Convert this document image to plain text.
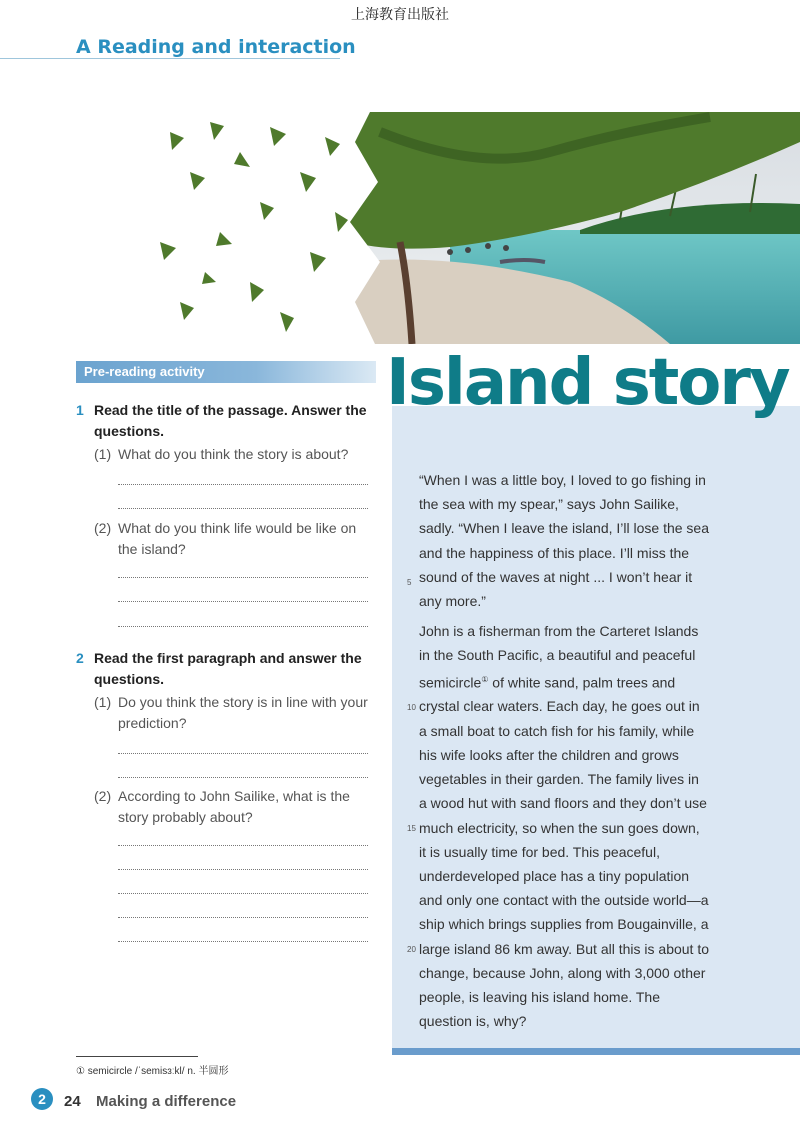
上海教育出版社
A Reading and interaction
Pre-reading activity
1 Read the title of the passage. Answer the questions.
(1) What do you think the story is about?
(2) What do you think life would be like on the island?
2 Read the first paragraph and answer the questions.
(1) Do you think the story is in line with your prediction?
(2) According to John Sailike, what is the story probably about?
Island story

“When I was a little boy, I loved to go fishing in the sea with my spear,” says John Sailike, sadly. “When I leave the island, I’ll lose the sea and the happiness of this place. I’ll miss the sound of the waves at night ... I won’t hear it any more.”

John is a fisherman from the Carteret Islands in the South Pacific, a beautiful and peaceful semicircle① of white sand, palm trees and crystal clear waters. Each day, he goes out in a small boat to catch fish for his family, while his wife looks after the children and grows vegetables in their garden. The family lives in a wood hut with sand floors and they don’t use much electricity, so when the sun goes down, it is usually time for bed. This peaceful, underdeveloped place has a tiny population and only one contact with the outside world—a ship which brings supplies from Bougainville, a large island 86 km away. But all this is about to change, because John, along with 3,000 other people, is leaving his island home. The question is, why?

5
10
15
20
① semicircle /ˈsemisɜːkl/ n. 半圆形
2	24 Making a difference
